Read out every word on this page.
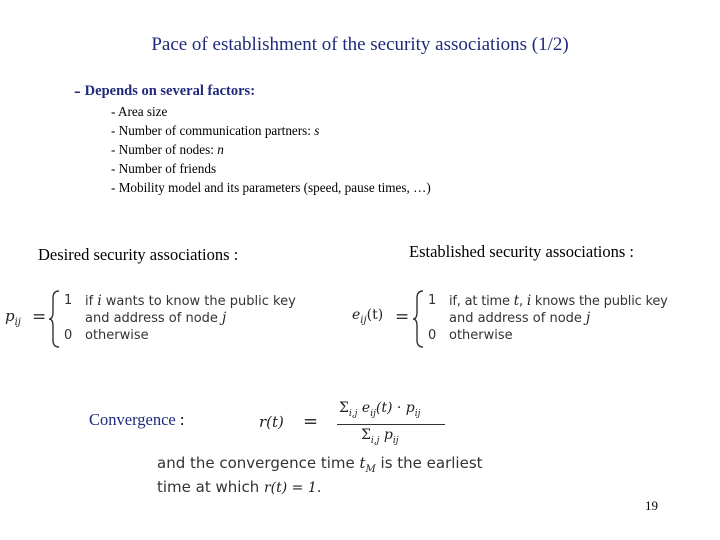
Pace of establishment of the security associations (1/2)
- Depends on several factors:
- Area size
- Number of communication partners: s
- Number of nodes: n
- Number of friends
- Mobility model and its parameters (speed, pause times, …)
Desired security associations :	Established security associations :
$p_{ij}$ =
1 if i wants to know the public key
and address of node j
0 otherwise
$e_{ij}(t)$ =
1 if, at time t, i knows the public key
and address of node j
0 otherwise
Convergence :	r(t) =
$\Sigma_{i,j}$ $e_{ij}(t) \cdot p_{ij}$
$\Sigma_{i,j}$ $p_{ij}$
and the convergence time $t_M$ is the earliest
time at which r(t) = 1.
19
